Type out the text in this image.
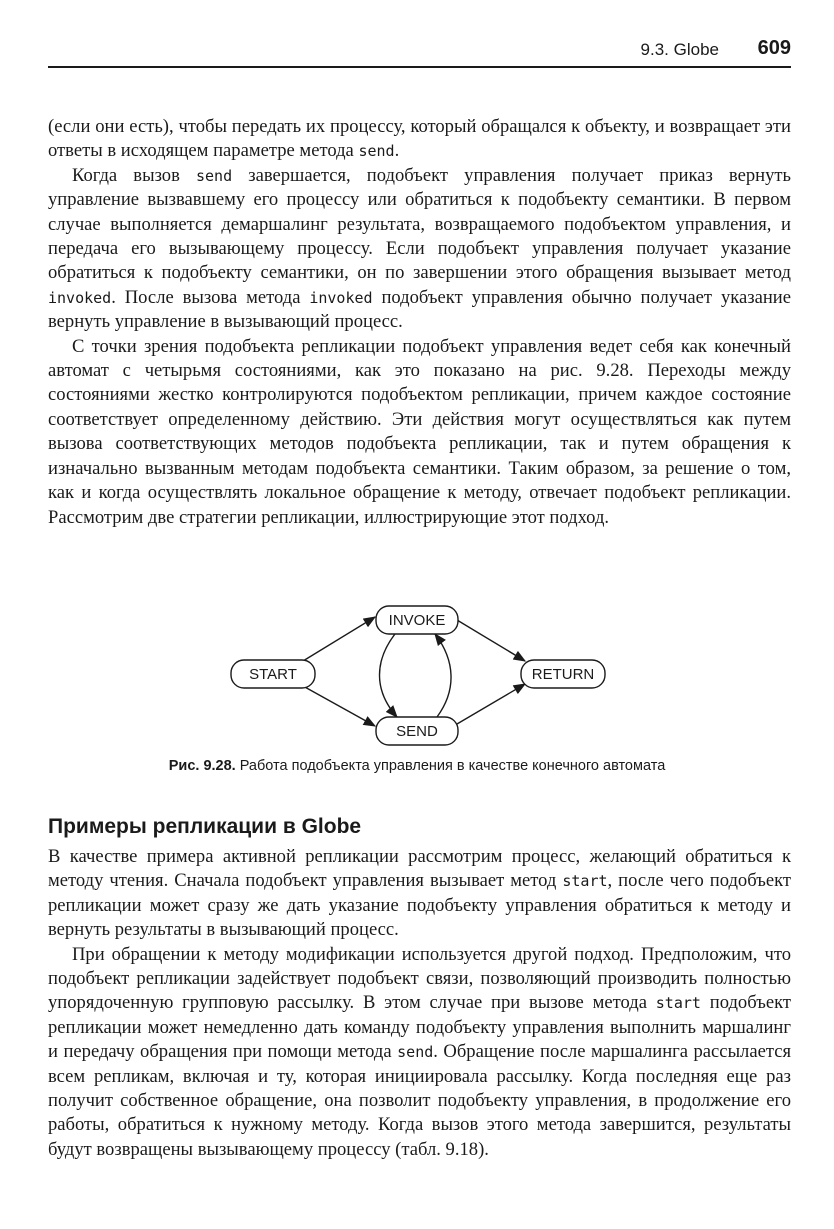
9.3. Globe 609

(если они есть), чтобы передать их процессу, который обращался к объекту, и возвращает эти ответы в исходящем параметре метода send.

Когда вызов send завершается, подобъект управления получает приказ вернуть управление вызвавшему его процессу или обратиться к подобъекту семантики. В первом случае выполняется демаршалинг результата, возвращаемого подобъектом управления, и передача его вызывающему процессу. Если подобъект управления получает указание обратиться к подобъекту семантики, он по завершении этого обращения вызывает метод invoked. После вызова метода invoked подобъект управления обычно получает указание вернуть управление в вызывающий процесс.

С точки зрения подобъекта репликации подобъект управления ведет себя как конечный автомат с четырьмя состояниями, как это показано на рис. 9.28. Переходы между состояниями жестко контролируются подобъектом репликации, причем каждое состояние соответствует определенному действию. Эти действия могут осуществляться как путем вызова соответствующих методов подобъекта репликации, так и путем обращения к изначально вызванным методам подобъекта семантики. Таким образом, за решение о том, как и когда осуществлять локальное обращение к методу, отвечает подобъект репликации. Рассмотрим две стратегии репликации, иллюстрирующие этот подход.

START
INVOKE
SEND
RETURN
Рис. 9.28. Работа подобъекта управления в качестве конечного автомата
Примеры репликации в Globe

В качестве примера активной репликации рассмотрим процесс, желающий обратиться к методу чтения. Сначала подобъект управления вызывает метод start, после чего подобъект репликации может сразу же дать указание подобъекту управления обратиться к методу и вернуть результаты в вызывающий процесс.

При обращении к методу модификации используется другой подход. Предположим, что подобъект репликации задействует подобъект связи, позволяющий производить полностью упорядоченную групповую рассылку. В этом случае при вызове метода start подобъект репликации может немедленно дать команду подобъекту управления выполнить маршалинг и передачу обращения при помощи метода send. Обращение после маршалинга рассылается всем репликам, включая и ту, которая инициировала рассылку. Когда последняя еще раз получит собственное обращение, она позволит подобъекту управления, в продолжение его работы, обратиться к нужному методу. Когда вызов этого метода завершится, результаты будут возвращены вызывающему процессу (табл. 9.18).
